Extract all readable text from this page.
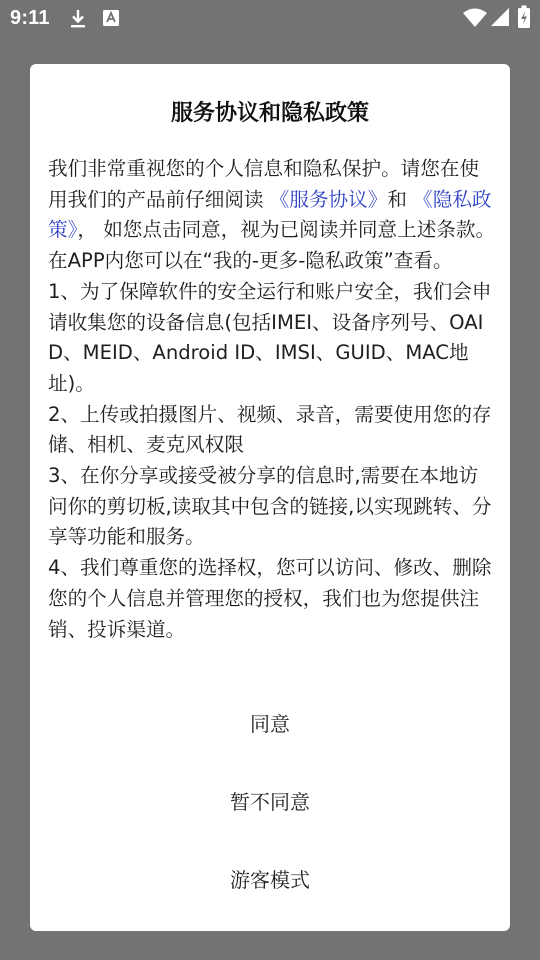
9:11
服务协议和隐私政策
我们非常重视您的个人信息和隐私保护。请您在使用我们的产品前仔细阅读 《服务协议》和 《隐私政策》， 如您点击同意，视为已阅读并同意上述条款。在APP内您可以在“我的-更多-隐私政策”查看。
1、为了保障软件的安全运行和账户安全，我们会申请收集您的设备信息(包括IMEI、设备序列号、OAID、MEID、Android ID、IMSI、GUID、MAC地址)。
2、上传或拍摄图片、视频、录音，需要使用您的存储、相机、麦克风权限
3、在你分享或接受被分享的信息时,需要在本地访问你的剪切板,读取其中包含的链接,以实现跳转、分享等功能和服务。
4、我们尊重您的选择权，您可以访问、修改、删除您的个人信息并管理您的授权，我们也为您提供注销、投诉渠道。
同意
暂不同意
游客模式
